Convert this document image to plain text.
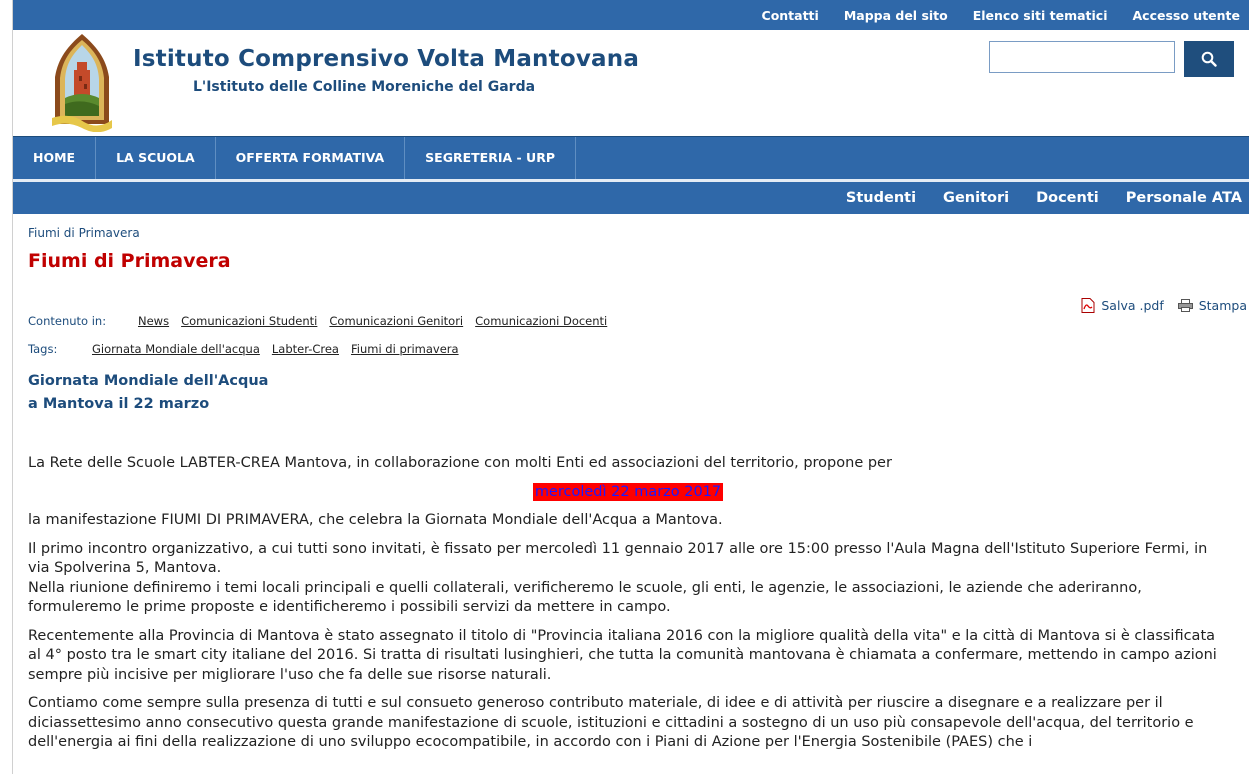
Contatti Mappa del sito Elenco siti tematici Accesso utente
Istituto Comprensivo Volta Mantovana
L'Istituto delle Colline Moreniche del Garda
HOME	LA SCUOLA	OFFERTA FORMATIVA	SEGRETERIA - URP
Studenti Genitori Docenti Personale ATA
Fiumi di Primavera
Fiumi di Primavera
Salva .pdf	Stampa
Contenuto in:	News Comunicazioni Studenti Comunicazioni Genitori Comunicazioni Docenti
Tags:	Giornata Mondiale dell'acqua Labter-Crea Fiumi di primavera
Giornata Mondiale dell'Acqua
a Mantova il 22 marzo

La Rete delle Scuole LABTER-CREA Mantova, in collaborazione con molti Enti ed associazioni del territorio, propone per

mercoledì 22 marzo 2017

la manifestazione FIUMI DI PRIMAVERA, che celebra la Giornata Mondiale dell'Acqua a Mantova.

Il primo incontro organizzativo, a cui tutti sono invitati, è fissato per mercoledì 11 gennaio 2017 alle ore 15:00 presso l'Aula Magna dell'Istituto Superiore Fermi, in via Spolverina 5, Mantova.
Nella riunione definiremo i temi locali principali e quelli collaterali, verificheremo le scuole, gli enti, le agenzie, le associazioni, le aziende che aderiranno, formuleremo le prime proposte e identificheremo i possibili servizi da mettere in campo.

Recentemente alla Provincia di Mantova è stato assegnato il titolo di "Provincia italiana 2016 con la migliore qualità della vita" e la città di Mantova si è classificata al 4° posto tra le smart city italiane del 2016. Si tratta di risultati lusinghieri, che tutta la comunità mantovana è chiamata a confermare, mettendo in campo azioni sempre più incisive per migliorare l'uso che fa delle sue risorse naturali.

Contiamo come sempre sulla presenza di tutti e sul consueto generoso contributo materiale, di idee e di attività per riuscire a disegnare e a realizzare per il diciassettesimo anno consecutivo questa grande manifestazione di scuole, istituzioni e cittadini a sostegno di un uso più consapevole dell'acqua, del territorio e dell'energia ai fini della realizzazione di uno sviluppo ecocompatibile, in accordo con i Piani di Azione per l'Energia Sostenibile (PAES) che i
